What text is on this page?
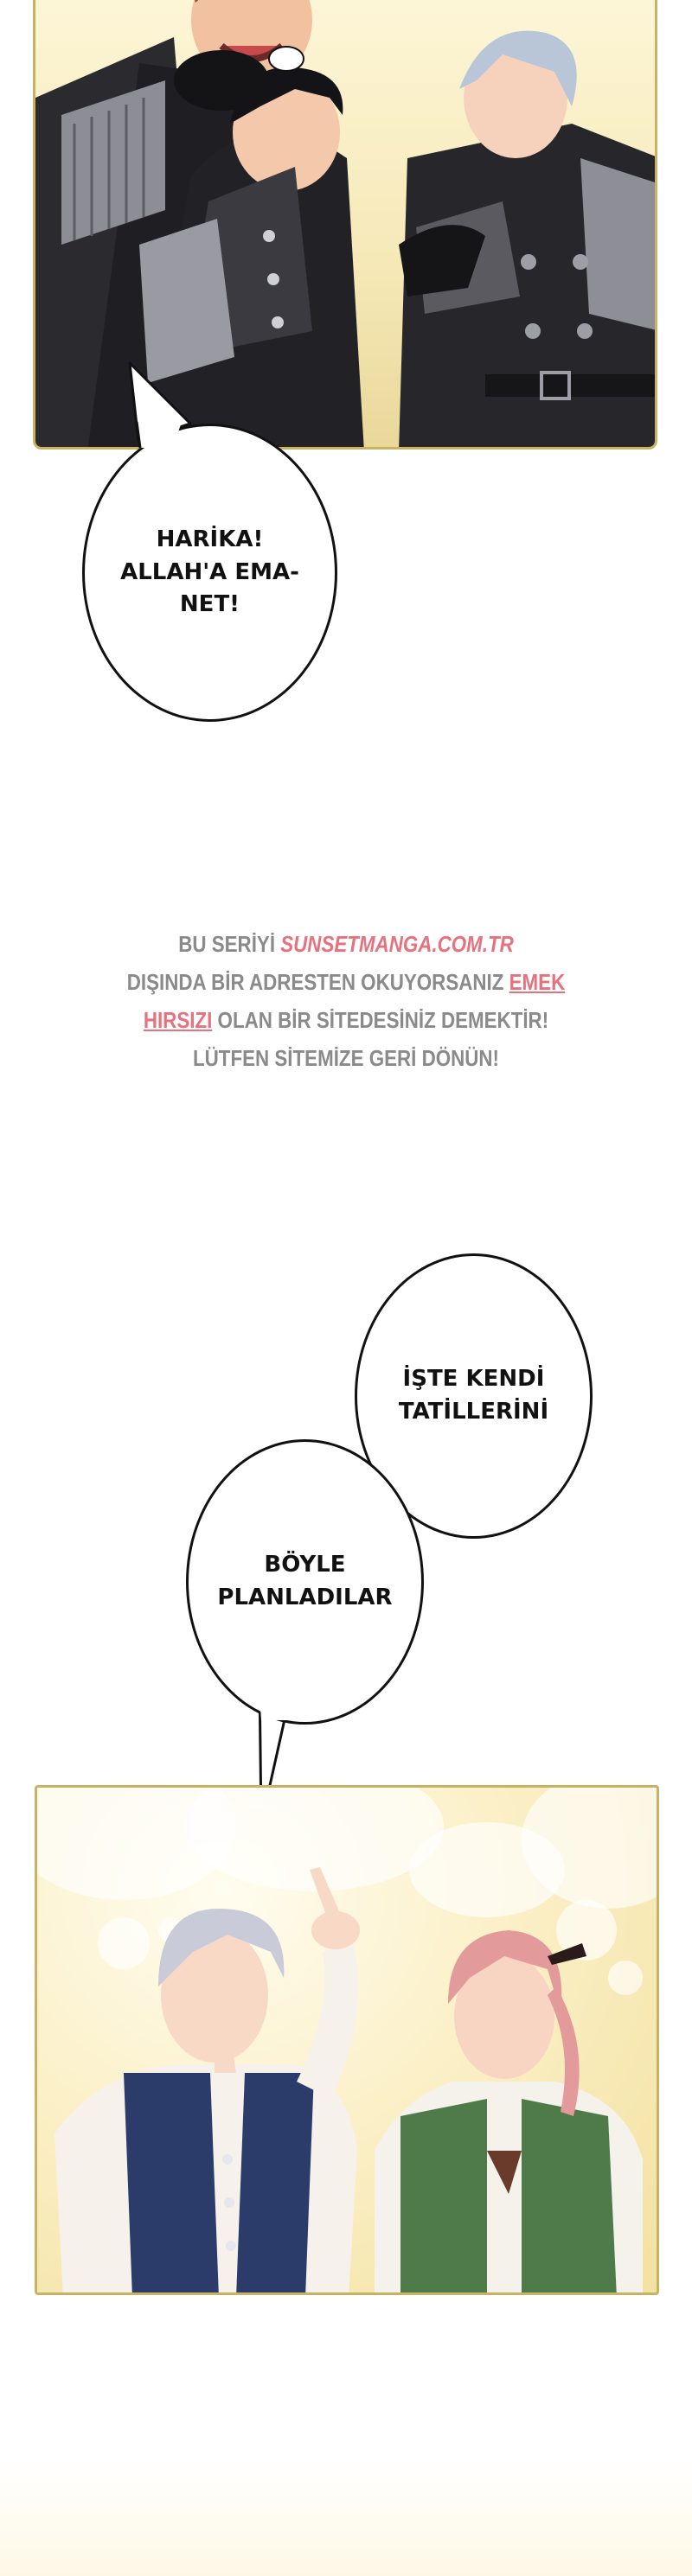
HARİKA!
ALLAH'A EMA-
NET!
BU SERİYİ SUNSETMANGA.COM.TR
DIŞINDA BİR ADRESTEN OKUYORSANIZ EMEK
HIRSIZI OLAN BİR SİTEDESİNİZ DEMEKTİR!
LÜTFEN SİTEMİZE GERİ DÖNÜN!
İŞTE KENDİ
TATİLLERİNİ
BÖYLE
PLANLADILAR
